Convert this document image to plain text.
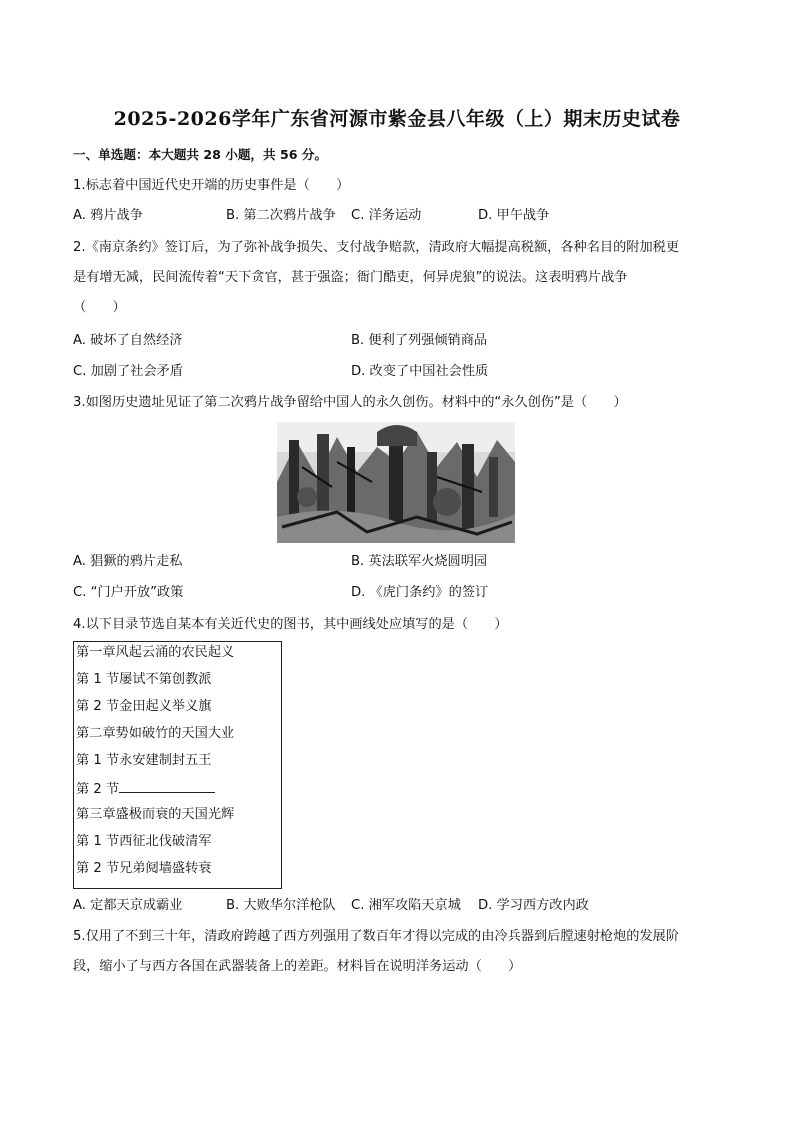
2025-2026学年广东省河源市紫金县八年级（上）期末历史试卷
一、单选题：本大题共 28 小题，共 56 分。
1.标志着中国近代史开端的历史事件是（　　）
A. 鸦片战争	B. 第二次鸦片战争 C. 洋务运动	D. 甲午战争
2.《南京条约》签订后，为了弥补战争损失、支付战争赔款，清政府大幅提高税额，各种名目的附加税更
是有增无减，民间流传着“天下贪官，甚于强盗；衙门酷吏，何异虎狼”的说法。这表明鸦片战争
（　　）
A. 破坏了自然经济	B. 便利了列强倾销商品
C. 加剧了社会矛盾	D. 改变了中国社会性质
3.如图历史遗址见证了第二次鸦片战争留给中国人的永久创伤。材料中的“永久创伤”是（　　）
A. 猖獗的鸦片走私	B. 英法联军火烧圆明园
C. “门户开放”政策	D. 《虎门条约》的签订
4.以下目录节选自某本有关近代史的图书，其中画线处应填写的是（　　）
第一章风起云涌的农民起义
第 1 节屡试不第创教派
第 2 节金田起义举义旗
第二章势如破竹的天国大业
第 1 节永安建制封五王
第 2 节
第三章盛极而衰的天国光辉
第 1 节西征北伐破清军
第 2 节兄弟阋墙盛转衰
A. 定都天京成霸业	B. 大败华尔洋枪队 C. 湘军攻陷天京城 D. 学习西方改内政
5.仅用了不到三十年，清政府跨越了西方列强用了数百年才得以完成的由冷兵器到后膛速射枪炮的发展阶
段，缩小了与西方各国在武器装备上的差距。材料旨在说明洋务运动（　　）
